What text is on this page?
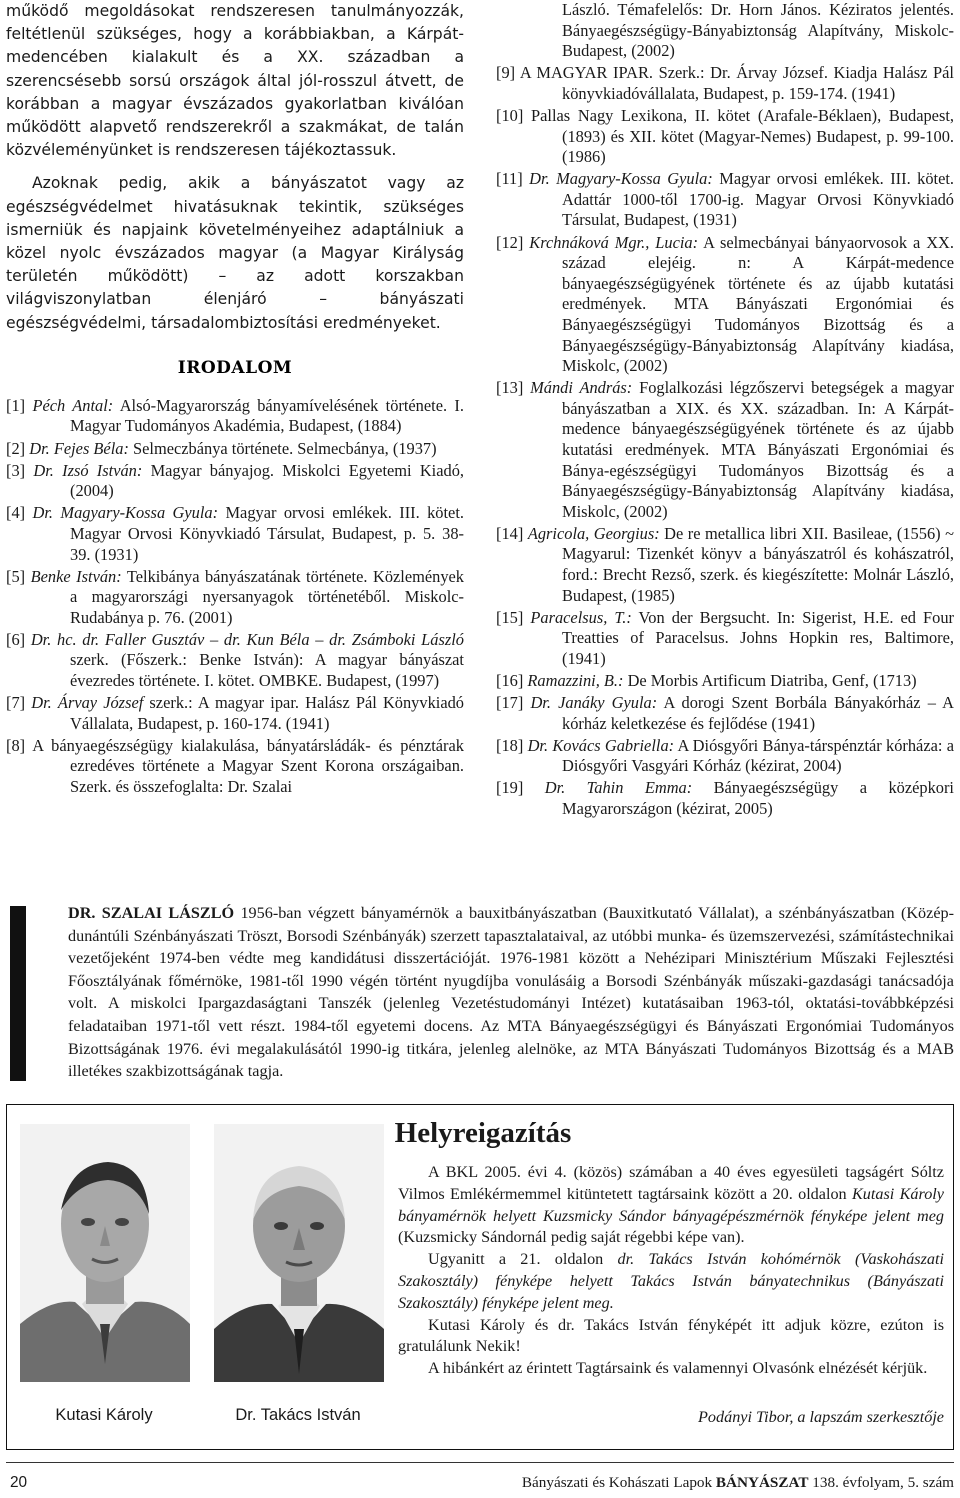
működő megoldásokat rendszeresen tanulmányozzák, feltétlenül szükséges, hogy a korábbiakban, a Kárpát-medencében kialakult és a XX. században a szerencsésebb sorsú országok által jól-rosszul átvett, de korábban a magyar évszázados gyakorlatban kiválóan működött alapvető rendszerekről a szakmákat, de talán közvéleményünket is rendszeresen tájékoztassuk.

Azoknak pedig, akik a bányászatot vagy az egészségvédelmet hivatásuknak tekintik, szükséges ismerniük és napjaink követelményeihez adaptálniuk a közel nyolc évszázados magyar (a Magyar Királyság területén működött) – az adott korszakban világviszonylatban élenjáró – bányászati egészségvédelmi, társadalombiztosítási eredményeket.

IRODALOM
[1] Péch Antal: Alsó-Magyarország bányamívelésének története. I. Magyar Tudományos Akadémia, Budapest, (1884)
[2] Dr. Fejes Béla: Selmeczbánya története. Selmecbánya, (1937)
[3] Dr. Izsó István: Magyar bányajog. Miskolci Egyetemi Kiadó, (2004)
[4] Dr. Magyary-Kossa Gyula: Magyar orvosi emlékek. III. kötet. Magyar Orvosi Könyvkiadó Társulat, Budapest, p. 5. 38-39. (1931)
[5] Benke István: Telkibánya bányászatának története. Közlemények a magyarországi nyersanyagok történetéből. Miskolc-Rudabánya p. 76. (2001)
[6] Dr. hc. dr. Faller Gusztáv – dr. Kun Béla – dr. Zsámboki László szerk. (Főszerk.: Benke István): A magyar bányászat évezredes története. I. kötet. OMBKE. Budapest, (1997)
[7] Dr. Árvay József szerk.: A magyar ipar. Halász Pál Könyvkiadó Vállalata, Budapest, p. 160-174. (1941)
[8] A bányaegészségügy kialakulása, bányatársládák- és pénztárak ezredéves története a Magyar Szent Korona országaiban. Szerk. és összefoglalta: Dr. Szalai
László. Témafelelős: Dr. Horn János. Kéziratos jelentés. Bányaegészségügy-Bányabiztonság Alapítvány, Miskolc-Budapest, (2002)
[9] A MAGYAR IPAR. Szerk.: Dr. Árvay József. Kiadja Halász Pál könyvkiadóvállalata, Budapest, p. 159-174. (1941)
[10] Pallas Nagy Lexikona, II. kötet (Arafale-Béklaen), Budapest, (1893) és XII. kötet (Magyar-Nemes) Budapest, p. 99-100. (1986)
[11] Dr. Magyary-Kossa Gyula: Magyar orvosi emlékek. III. kötet. Adattár 1000-től 1700-ig. Magyar Orvosi Könyvkiadó Társulat, Budapest, (1931)
[12] Krchnáková Mgr., Lucia: A selmecbányai bányaorvosok a XX. század elejéig. n: A Kárpát-medence bányaegészségügyének története és az újabb kutatási eredmények. MTA Bányászati Ergonómiai és Bányaegészségügyi Tudományos Bizottság és a Bányaegészségügy-Bányabiztonság Alapítvány kiadása, Miskolc, (2002)
[13] Mándi András: Foglalkozási légzőszervi betegségek a magyar bányászatban a XIX. és XX. században. In: A Kárpát-medence bányaegészségügyének története és az újabb kutatási eredmények. MTA Bányászati Ergonómiai és Bánya-egészségügyi Tudományos Bizottság és a Bányaegészségügy-Bányabiztonság Alapítvány kiadása, Miskolc, (2002)
[14] Agricola, Georgius: De re metallica libri XII. Basileae, (1556) ~ Magyarul: Tizenkét könyv a bányászatról és kohászatról, ford.: Brecht Rezső, szerk. és kiegészítette: Molnár László, Budapest, (1985)
[15] Paracelsus, T.: Von der Bergsucht. In: Sigerist, H.E. ed Four Treatties of Paracelsus. Johns Hopkin res, Baltimore, (1941)
[16] Ramazzini, B.: De Morbis Artificum Diatriba, Genf, (1713)
[17] Dr. Janáky Gyula: A dorogi Szent Borbála Bányakórház – A kórház keletkezése és fejlődése (1941)
[18] Dr. Kovács Gabriella: A Diósgyőri Bánya-társpénztár kórháza: a Diósgyőri Vasgyári Kórház (kézirat, 2004)
[19] Dr. Tahin Emma: Bányaegészségügy a középkori Magyarországon (kézirat, 2005)
DR. SZALAI LÁSZLÓ 1956-ban végzett bányamérnök a bauxitbányászatban (Bauxitkutató Vállalat), a szénbányászatban (Közép-dunántúli Szénbányászati Tröszt, Borsodi Szénbányák) szerzett tapasztalataival, az utóbbi munka- és üzemszervezési, számítástechnikai vezetőjeként 1974-ben védte meg kandidátusi disszertációját. 1976-1981 között a Nehézipari Minisztérium Műszaki Fejlesztési Főosztályának főmérnöke, 1981-től 1990 végén történt nyugdíjba vonulásáig a Borsodi Szénbányák műszaki-gazdasági tanácsadója volt. A miskolci Ipargazdaságtani Tanszék (jelenleg Vezetéstudományi Intézet) kutatásaiban 1963-tól, oktatási-továbbképzési feladataiban 1971-től vett részt. 1984-től egyetemi docens. Az MTA Bányaegészségügyi és Bányászati Ergonómiai Tudományos Bizottságának 1976. évi megalakulásától 1990-ig titkára, jelenleg alelnöke, az MTA Bányászati Tudományos Bizottság és a MAB illetékes szakbizottságának tagja.
Kutasi Károly	Dr. Takács István
Helyreigazítás

A BKL 2005. évi 4. (közös) számában a 40 éves egyesületi tagságért Sóltz Vilmos Emlékérmemmel kitüntetett tagtársaink között a 20. oldalon Kutasi Károly bányamérnök helyett Kuzsmicky Sándor bányagépészmérnök fényképe jelent meg (Kuzsmicky Sándornál pedig saját régebbi képe van).

Ugyanitt a 21. oldalon dr. Takács István kohómérnök (Vaskohászati Szakosztály) fényképe helyett Takács István bányatechnikus (Bányászati Szakosztály) fényképe jelent meg.

Kutasi Károly és dr. Takács István fényképét itt adjuk közre, ezúton is gratulálunk Nekik!

A hibánkért az érintett Tagtársaink és valamennyi Olvasónk elnézését kérjük.

Podányi Tibor, a lapszám szerkesztője
20	Bányászati és Kohászati Lapok BÁNYÁSZAT 138. évfolyam, 5. szám
